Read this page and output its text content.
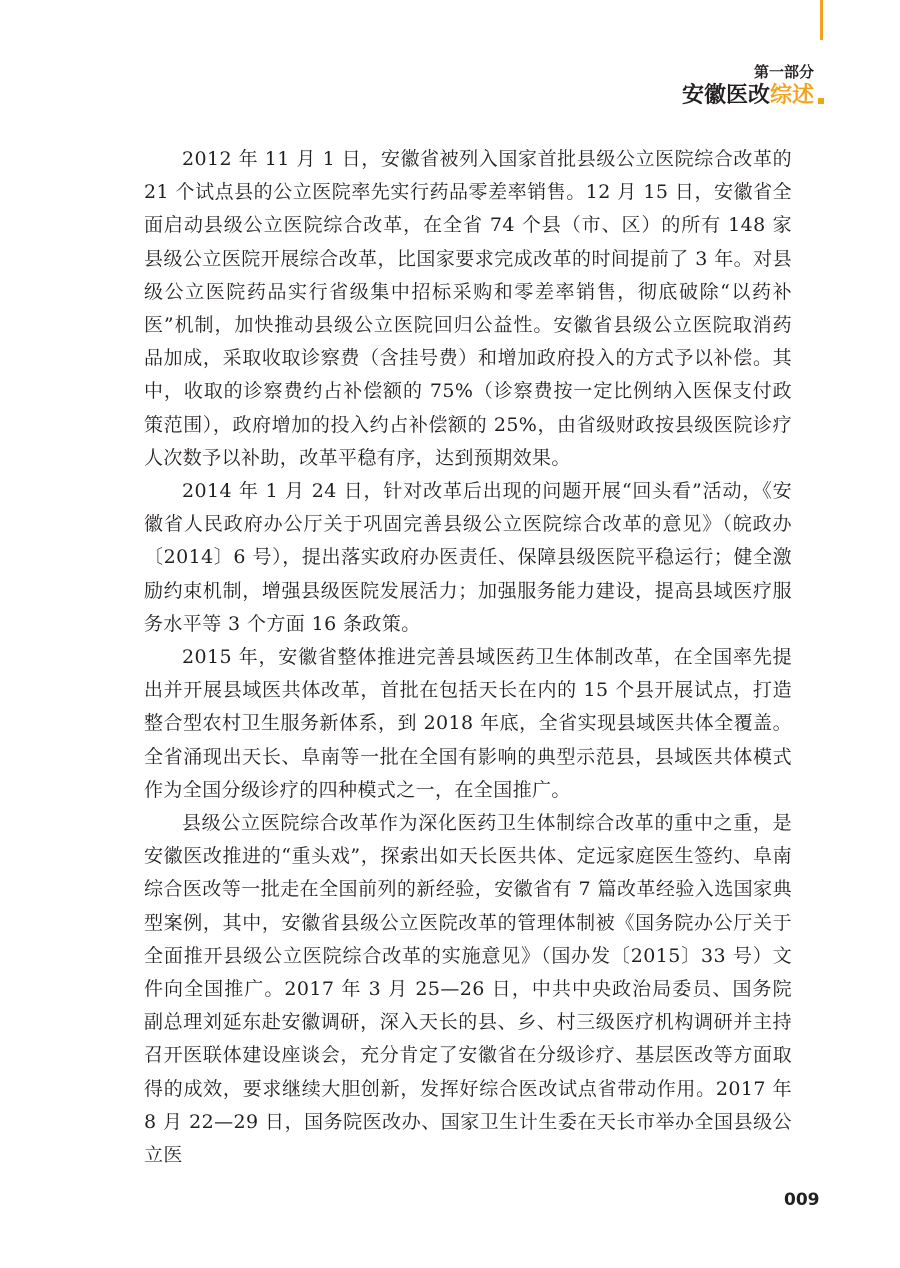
第一部分
安徽医改综述

2012 年 11 月 1 日，安徽省被列入国家首批县级公立医院综合改革的 21 个试点县的公立医院率先实行药品零差率销售。12 月 15 日，安徽省全面启动县级公立医院综合改革，在全省 74 个县（市、区）的所有 148 家县级公立医院开展综合改革，比国家要求完成改革的时间提前了 3 年。对县级公立医院药品实行省级集中招标采购和零差率销售，彻底破除“以药补医”机制，加快推动县级公立医院回归公益性。安徽省县级公立医院取消药品加成，采取收取诊察费（含挂号费）和增加政府投入的方式予以补偿。其中，收取的诊察费约占补偿额的 75%（诊察费按一定比例纳入医保支付政策范围），政府增加的投入约占补偿额的 25%，由省级财政按县级医院诊疗人次数予以补助，改革平稳有序，达到预期效果。

2014 年 1 月 24 日，针对改革后出现的问题开展“回头看”活动，《安徽省人民政府办公厅关于巩固完善县级公立医院综合改革的意见》（皖政办〔2014〕6 号），提出落实政府办医责任、保障县级医院平稳运行；健全激励约束机制，增强县级医院发展活力；加强服务能力建设，提高县域医疗服务水平等 3 个方面 16 条政策。

2015 年，安徽省整体推进完善县域医药卫生体制改革，在全国率先提出并开展县域医共体改革，首批在包括天长在内的 15 个县开展试点，打造整合型农村卫生服务新体系，到 2018 年底，全省实现县域医共体全覆盖。全省涌现出天长、阜南等一批在全国有影响的典型示范县，县域医共体模式作为全国分级诊疗的四种模式之一，在全国推广。

县级公立医院综合改革作为深化医药卫生体制综合改革的重中之重，是安徽医改推进的“重头戏”，探索出如天长医共体、定远家庭医生签约、阜南综合医改等一批走在全国前列的新经验，安徽省有 7 篇改革经验入选国家典型案例，其中，安徽省县级公立医院改革的管理体制被《国务院办公厅关于全面推开县级公立医院综合改革的实施意见》（国办发〔2015〕33 号）文件向全国推广。2017 年 3 月 25—26 日，中共中央政治局委员、国务院副总理刘延东赴安徽调研，深入天长的县、乡、村三级医疗机构调研并主持召开医联体建设座谈会，充分肯定了安徽省在分级诊疗、基层医改等方面取得的成效，要求继续大胆创新，发挥好综合医改试点省带动作用。2017 年 8 月 22—29 日，国务院医改办、国家卫生计生委在天长市举办全国县级公立医

009
